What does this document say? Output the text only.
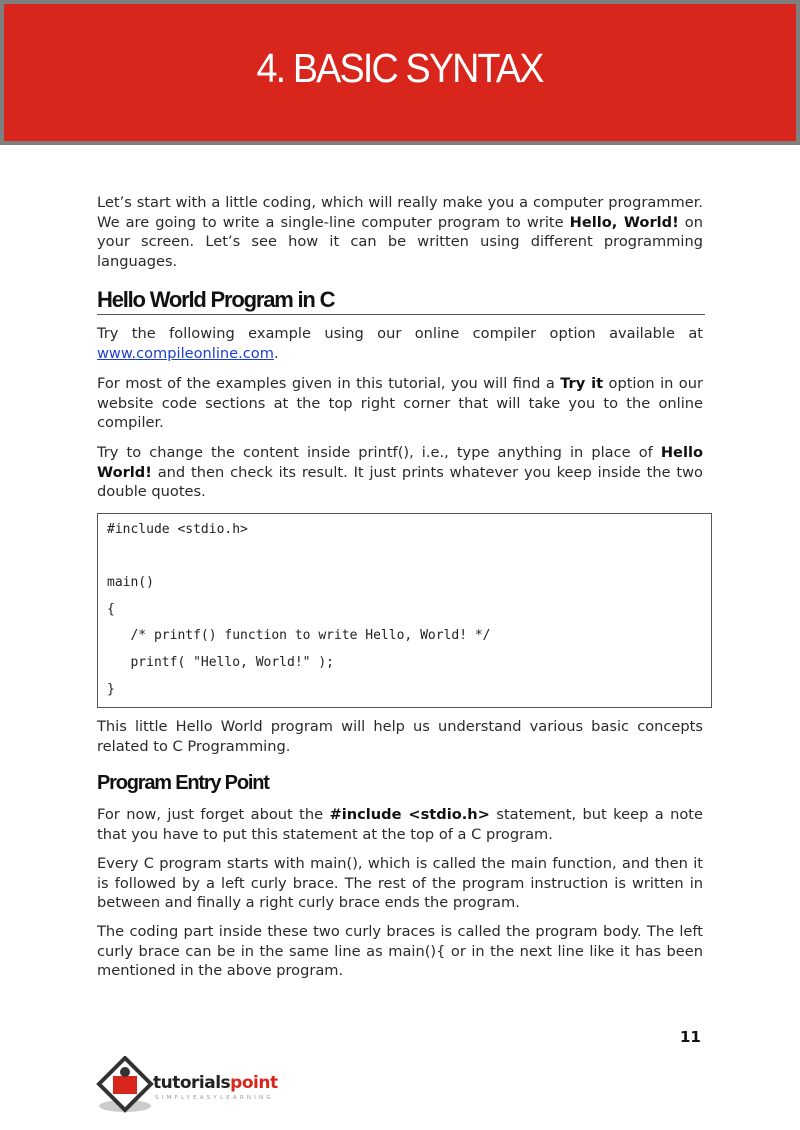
4. BASIC SYNTAX
Let’s start with a little coding, which will really make you a computer programmer. We are going to write a single-line computer program to write Hello, World! on your screen. Let’s see how it can be written using different programming languages.
Hello World Program in C
Try the following example using our online compiler option available at www.compileonline.com.
For most of the examples given in this tutorial, you will find a Try it option in our website code sections at the top right corner that will take you to the online compiler.
Try to change the content inside printf(), i.e., type anything in place of Hello World! and then check its result. It just prints whatever you keep inside the two double quotes.
#include <stdio.h>
main()
{
/* printf() function to write Hello, World! */
printf( "Hello, World!" );
}
This little Hello World program will help us understand various basic concepts related to C Programming.
Program Entry Point
For now, just forget about the #include <stdio.h> statement, but keep a note that you have to put this statement at the top of a C program.
Every C program starts with main(), which is called the main function, and then it is followed by a left curly brace. The rest of the program instruction is written in between and finally a right curly brace ends the program.
The coding part inside these two curly braces is called the program body. The left curly brace can be in the same line as main(){ or in the next line like it has been mentioned in the above program.
11
tutorialspoint
SIMPLYEASYLEARNING
